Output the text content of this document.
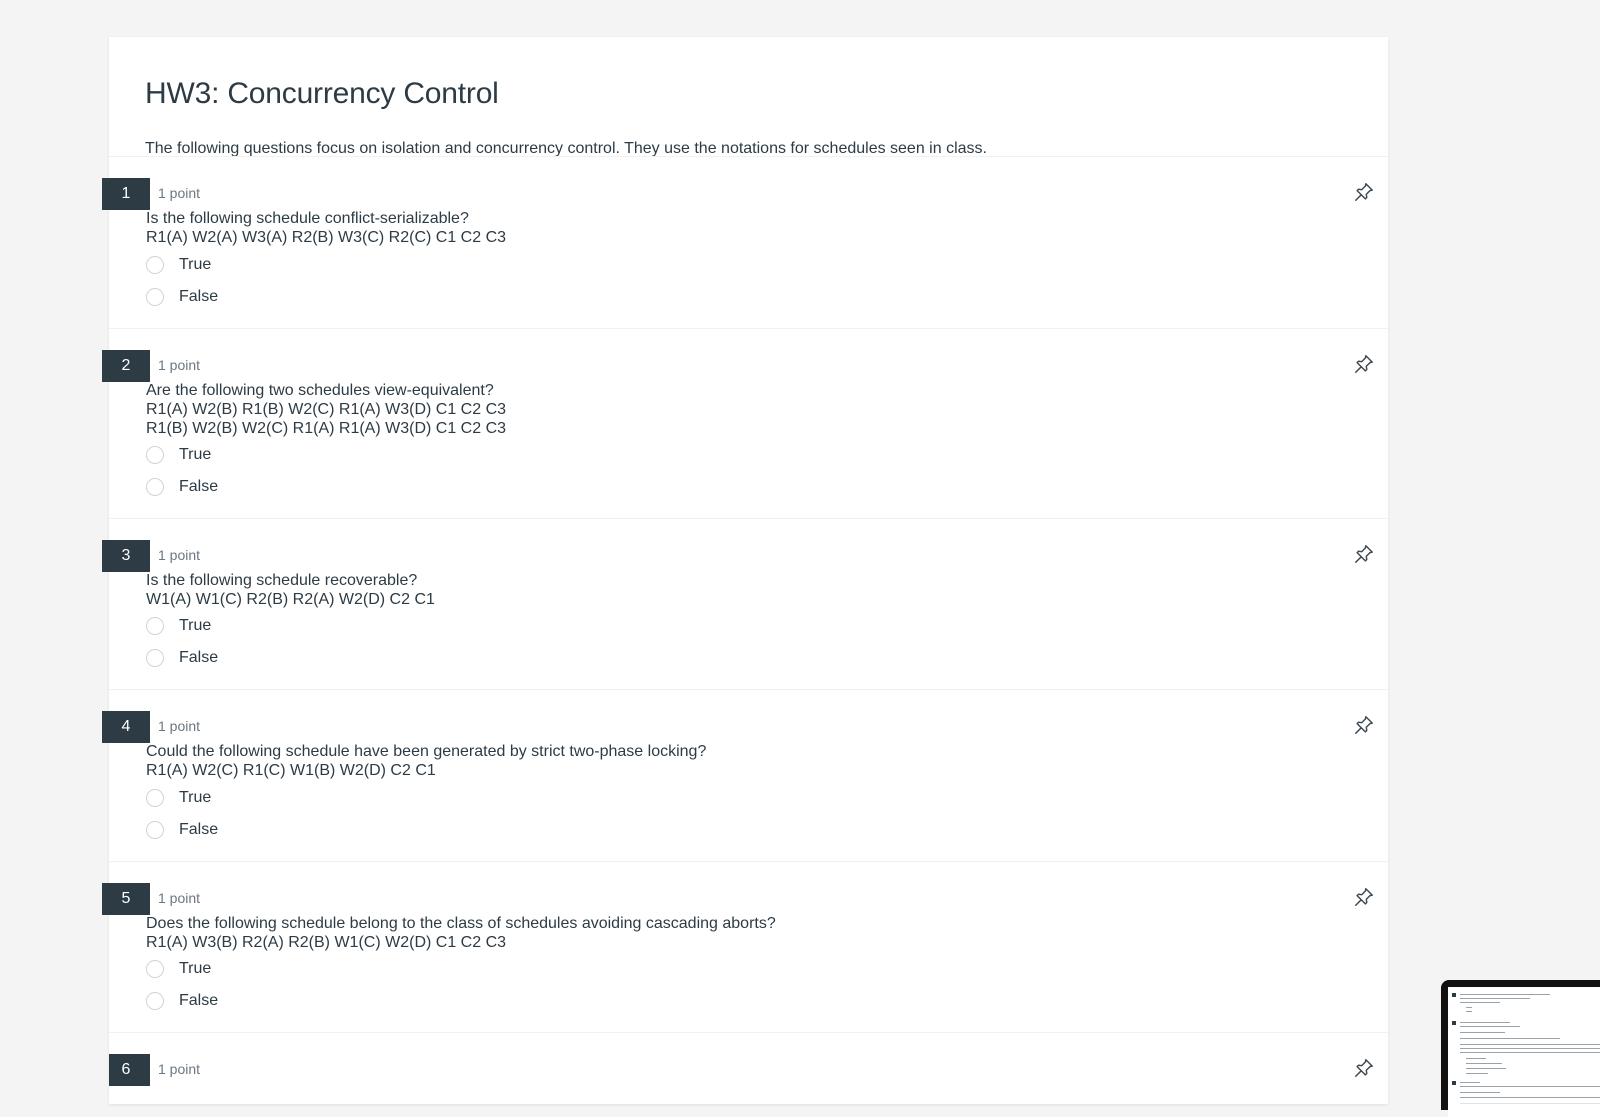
HW3: Concurrency Control

The following questions focus on isolation and concurrency control. They use the notations for schedules seen in class.

1	1 point
Is the following schedule conflict-serializable?
R1(A) W2(A) W3(A) R2(B) W3(C) R2(C) C1 C2 C3
True
False
2	1 point
Are the following two schedules view-equivalent?
R1(A) W2(B) R1(B) W2(C) R1(A) W3(D) C1 C2 C3
R1(B) W2(B) W2(C) R1(A) R1(A) W3(D) C1 C2 C3
True
False
3	1 point
Is the following schedule recoverable?
W1(A) W1(C) R2(B) R2(A) W2(D) C2 C1
True
False
4	1 point
Could the following schedule have been generated by strict two-phase locking?
R1(A) W2(C) R1(C) W1(B) W2(D) C2 C1
True
False
5	1 point
Does the following schedule belong to the class of schedules avoiding cascading aborts?
R1(A) W3(B) R2(A) R2(B) W1(C) W2(D) C1 C2 C3
True
False
6	1 point
